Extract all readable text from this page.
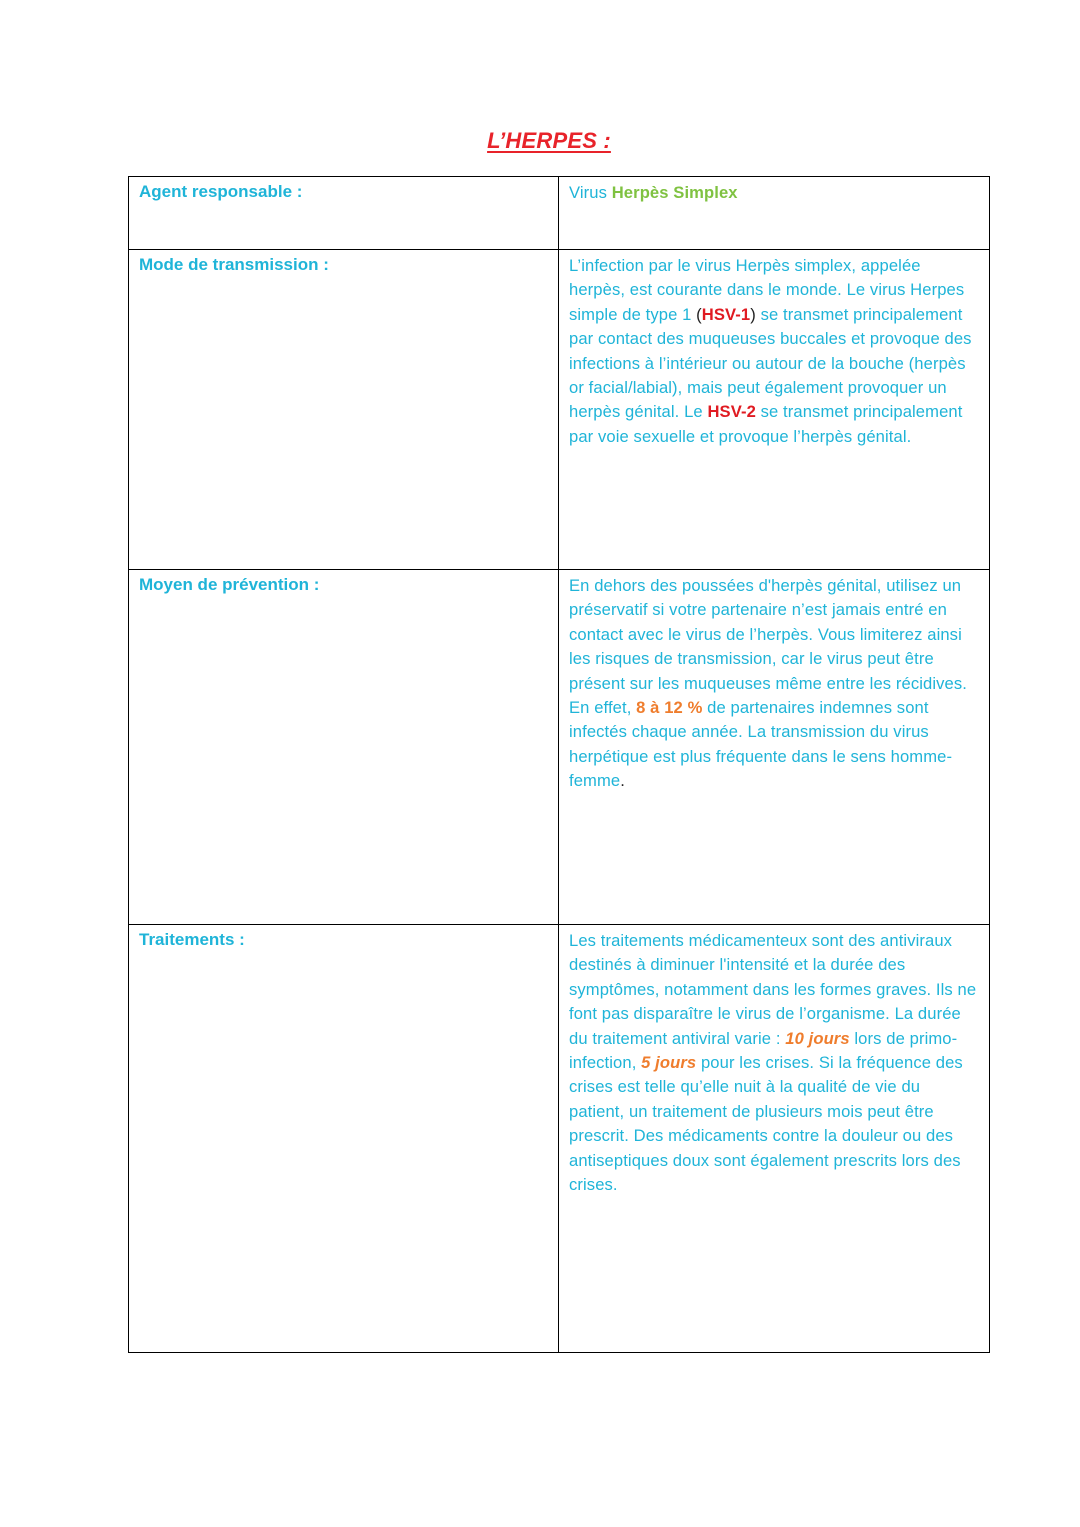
L’HERPES :
Agent responsable :	Virus Herpès Simplex

Mode de transmission :	L’infection par le virus Herpès simplex, appelée herpès, est courante dans le monde. Le virus Herpes simple de type 1 (HSV-1) se transmet principalement par contact des muqueuses buccales et provoque des infections à l’intérieur ou autour de la bouche (herpès or facial/labial), mais peut également provoquer un herpès génital. Le HSV-2 se transmet principalement par voie sexuelle et provoque l’herpès génital.

Moyen de prévention :	En dehors des poussées d'herpès génital, utilisez un préservatif si votre partenaire n’est jamais entré en contact avec le virus de l’herpès. Vous limiterez ainsi les risques de transmission, car le virus peut être présent sur les muqueuses même entre les récidives. En effet, 8 à 12 % de partenaires indemnes sont infectés chaque année. La transmission du virus herpétique est plus fréquente dans le sens homme-femme.

Traitements :	Les traitements médicamenteux sont des antiviraux destinés à diminuer l'intensité et la durée des symptômes, notamment dans les formes graves. Ils ne font pas disparaître le virus de l’organisme. La durée du traitement antiviral varie : 10 jours lors de primo-infection, 5 jours pour les crises. Si la fréquence des crises est telle qu’elle nuit à la qualité de vie du patient, un traitement de plusieurs mois peut être prescrit. Des médicaments contre la douleur ou des antiseptiques doux sont également prescrits lors des crises.
